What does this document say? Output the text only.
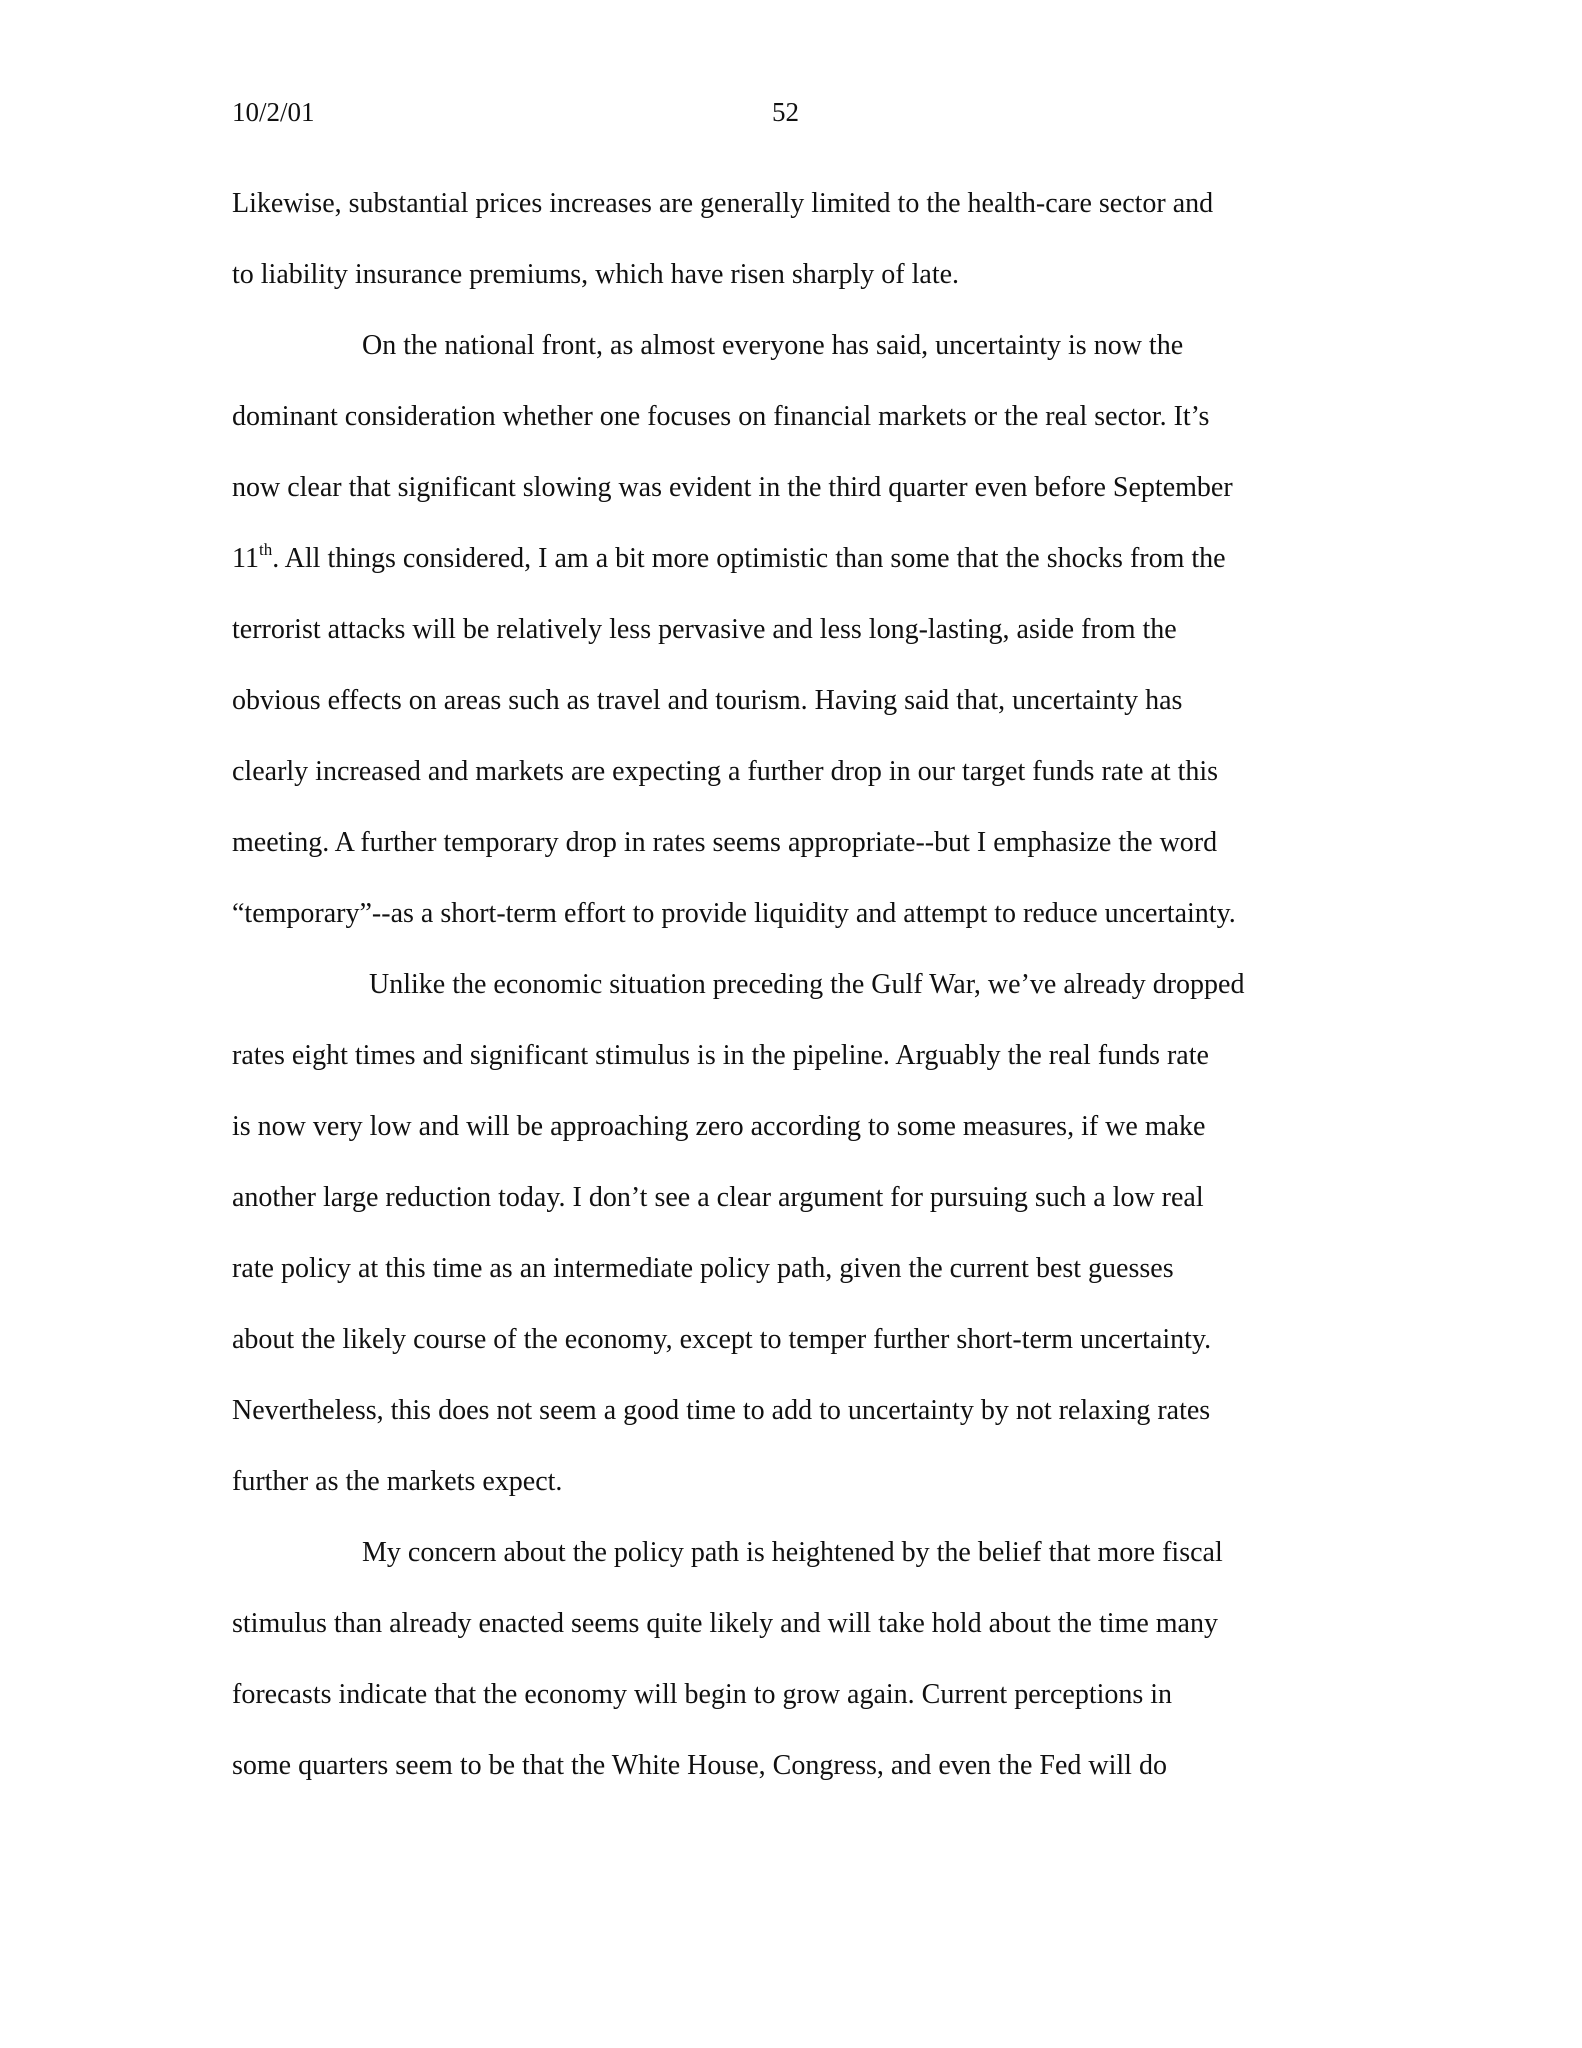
10/2/01	52
Likewise, substantial prices increases are generally limited to the health-care sector and
to liability insurance premiums, which have risen sharply of late.
On the national front, as almost everyone has said, uncertainty is now the
dominant consideration whether one focuses on financial markets or the real sector. It’s
now clear that significant slowing was evident in the third quarter even before September
11th. All things considered, I am a bit more optimistic than some that the shocks from the
terrorist attacks will be relatively less pervasive and less long-lasting, aside from the
obvious effects on areas such as travel and tourism. Having said that, uncertainty has
clearly increased and markets are expecting a further drop in our target funds rate at this
meeting. A further temporary drop in rates seems appropriate--but I emphasize the word
“temporary”--as a short-term effort to provide liquidity and attempt to reduce uncertainty.
Unlike the economic situation preceding the Gulf War, we’ve already dropped
rates eight times and significant stimulus is in the pipeline. Arguably the real funds rate
is now very low and will be approaching zero according to some measures, if we make
another large reduction today. I don’t see a clear argument for pursuing such a low real
rate policy at this time as an intermediate policy path, given the current best guesses
about the likely course of the economy, except to temper further short-term uncertainty.
Nevertheless, this does not seem a good time to add to uncertainty by not relaxing rates
further as the markets expect.
My concern about the policy path is heightened by the belief that more fiscal
stimulus than already enacted seems quite likely and will take hold about the time many
forecasts indicate that the economy will begin to grow again. Current perceptions in
some quarters seem to be that the White House, Congress, and even the Fed will do
